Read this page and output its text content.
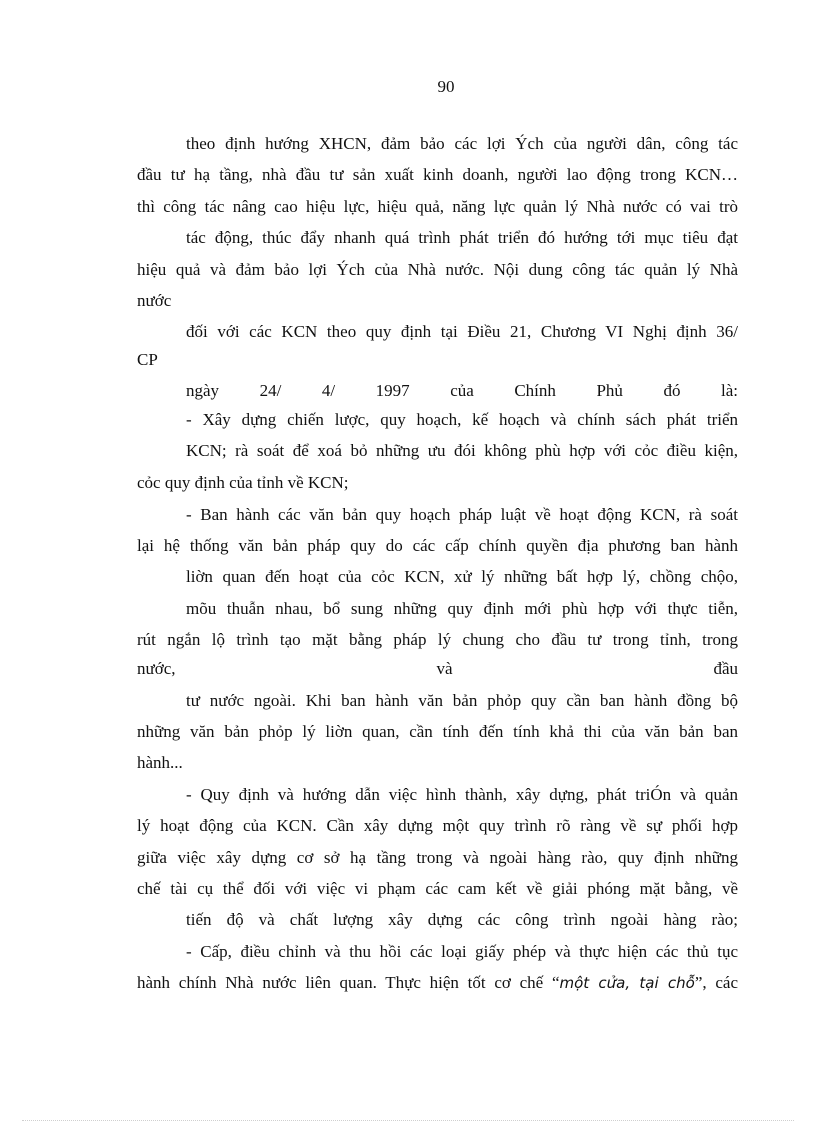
90
theo định hướng XHCN, đảm bảo các lợi Ých của người dân, công tác
đầu tư hạ tầng, nhà đầu tư sản xuất kinh doanh, người lao động trong KCN…
thì công tác nâng cao hiệu lực, hiệu quả, năng lực quản lý Nhà nước có vai trò
tác động, thúc đẩy nhanh quá trình phát triển đó hướng tới mục tiêu đạt
hiệu quả và đảm bảo lợi Ých của Nhà nước. Nội dung công tác quản lý Nhà
nước
đối với các KCN theo quy định tại Điều 21, Chương VI Nghị định 36/
CP
ngày 24/ 4/ 1997 của Chính Phủ đó là:
- Xây dựng chiến lược, quy hoạch, kế hoạch và chính sách phát triển
KCN; rà soát để xoá bỏ những ưu đói không phù hợp với cỏc điều kiện,
cỏc quy định của tỉnh về KCN;
- Ban hành các văn bản quy hoạch pháp luật về hoạt động KCN, rà soát
lại hệ thống văn bản pháp quy do các cấp chính quyền địa phương ban hành
liờn quan đến hoạt của cỏc KCN, xử lý những bất hợp lý, chồng chộo,
mõu thuẫn nhau, bổ sung những quy định mới phù hợp với thực tiễn,
rút ngắn lộ trình tạo mặt bằng pháp lý chung cho đầu tư trong tỉnh, trong
nước, và đầu
tư nước ngoài. Khi ban hành văn bản phỏp quy cần ban hành đồng bộ
những văn bản phỏp lý liờn quan, cần tính đến tính khả thi của văn bản ban
hành...
- Quy định và hướng dẫn việc hình thành, xây dựng, phát triÓn và quản
lý hoạt động của KCN. Cần xây dựng một quy trình rõ ràng về sự phối hợp
giữa việc xây dựng cơ sở hạ tầng trong và ngoài hàng rào, quy định những
chế tài cụ thể đối với việc vi phạm các cam kết về giải phóng mặt bằng, về
tiến độ và chất lượng xây dựng các công trình ngoài hàng rào;
- Cấp, điều chỉnh và thu hồi các loại giấy phép và thực hiện các thủ tục
hành chính Nhà nước liên quan. Thực hiện tốt cơ chế “một cửa, tại chỗ”, các
